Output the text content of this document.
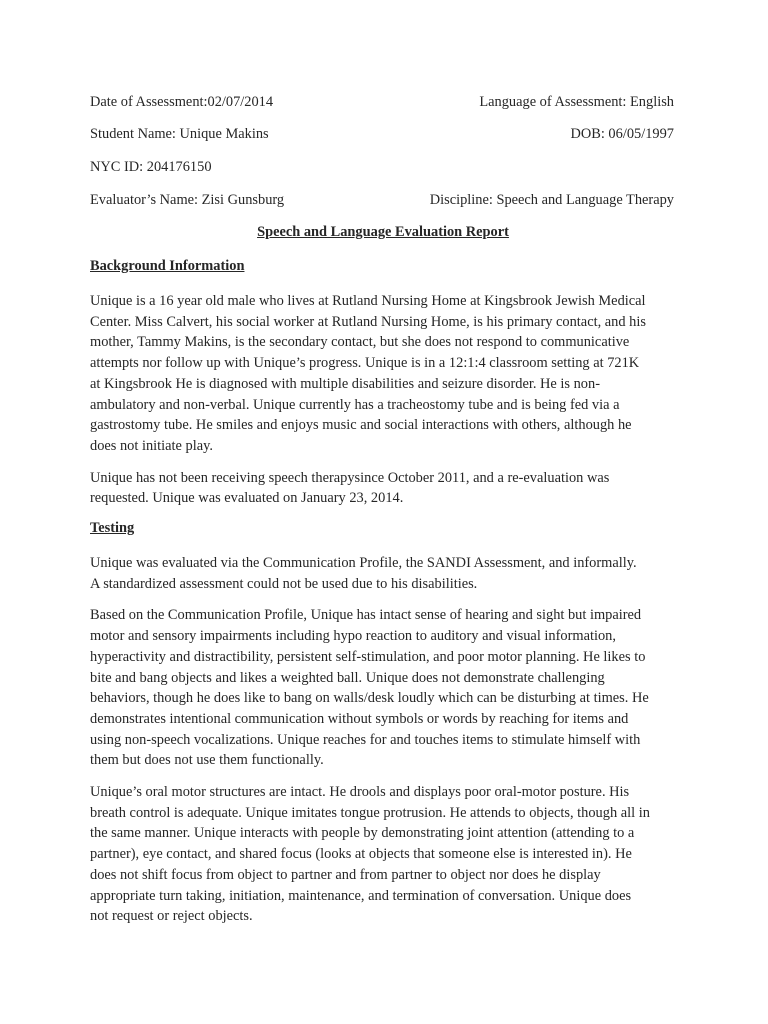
Date of Assessment:02/07/2014	Language of Assessment: English
Student Name: Unique Makins	DOB: 06/05/1997
NYC ID: 204176150
Evaluator’s Name: Zisi Gunsburg	Discipline: Speech and Language Therapy
Speech and Language Evaluation Report
Background Information
Unique is a 16 year old male who lives at Rutland Nursing Home at Kingsbrook Jewish Medical
Center. Miss Calvert, his social worker at Rutland Nursing Home, is his primary contact, and his
mother, Tammy Makins, is the secondary contact, but she does not respond to communicative
attempts nor follow up with Unique’s progress. Unique is in a 12:1:4 classroom setting at 721K
at Kingsbrook He is diagnosed with multiple disabilities and seizure disorder. He is non-
ambulatory and non-verbal. Unique currently has a tracheostomy tube and is being fed via a
gastrostomy tube. He smiles and enjoys music and social interactions with others, although he
does not initiate play.
Unique has not been receiving speech therapysince October 2011, and a re-evaluation was
requested. Unique was evaluated on January 23, 2014.
Testing
Unique was evaluated via the Communication Profile, the SANDI Assessment, and informally.
A standardized assessment could not be used due to his disabilities.
Based on the Communication Profile, Unique has intact sense of hearing and sight but impaired
motor and sensory impairments including hypo reaction to auditory and visual information,
hyperactivity and distractibility, persistent self-stimulation, and poor motor planning. He likes to
bite and bang objects and likes a weighted ball. Unique does not demonstrate challenging
behaviors, though he does like to bang on walls/desk loudly which can be disturbing at times. He
demonstrates intentional communication without symbols or words by reaching for items and
using non-speech vocalizations. Unique reaches for and touches items to stimulate himself with
them but does not use them functionally.
Unique’s oral motor structures are intact. He drools and displays poor oral-motor posture. His
breath control is adequate. Unique imitates tongue protrusion. He attends to objects, though all in
the same manner. Unique interacts with people by demonstrating joint attention (attending to a
partner), eye contact, and shared focus (looks at objects that someone else is interested in). He
does not shift focus from object to partner and from partner to object nor does he display
appropriate turn taking, initiation, maintenance, and termination of conversation. Unique does
not request or reject objects.
